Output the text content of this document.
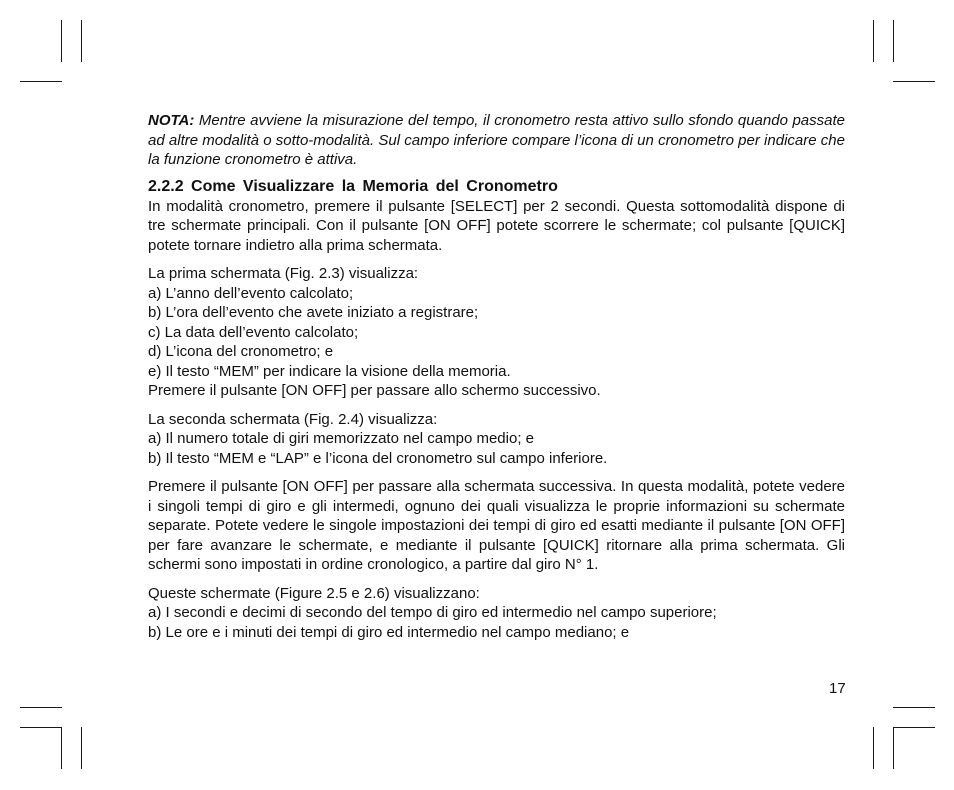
NOTA: Mentre avviene la misurazione del tempo, il cronometro resta attivo sullo sfondo quando passate ad altre modalità o sotto-modalità. Sul campo inferiore compare l’icona di un cronometro per indicare che la funzione cronometro è attiva.

2.2.2 Come Visualizzare la Memoria del Cronometro

In modalità cronometro, premere il pulsante [SELECT] per 2 secondi. Questa sottomodalità dispone di tre schermate principali. Con il pulsante [ON OFF] potete scorrere le schermate; col pulsante [QUICK] potete tornare indietro alla prima schermata.

La prima schermata (Fig. 2.3) visualizza:

a) L’anno dell’evento calcolato;
b) L’ora dell’evento che avete iniziato a registrare;
c) La data dell’evento calcolato;
d) L’icona del cronometro; e
e) Il testo “MEM” per indicare la visione della memoria.

Premere il pulsante [ON OFF] per passare allo schermo successivo.

La seconda schermata (Fig. 2.4) visualizza:

a) Il numero totale di giri memorizzato nel campo medio; e
b) Il testo “MEM e “LAP” e l’icona del cronometro sul campo inferiore.

Premere il pulsante [ON OFF] per passare alla schermata successiva. In questa modalità, potete vedere i singoli tempi di giro e gli intermedi, ognuno dei quali visualizza le proprie informazioni su schermate separate. Potete vedere le singole impostazioni dei tempi di giro ed esatti mediante il pulsante [ON OFF] per fare avanzare le schermate, e mediante il pulsante [QUICK] ritornare alla prima schermata. Gli schermi sono impostati in ordine cronologico, a partire dal giro N° 1.

Queste schermate (Figure 2.5 e 2.6) visualizzano:

a) I secondi e decimi di secondo del tempo di giro ed intermedio nel campo superiore;
b) Le ore e i minuti dei tempi di giro ed intermedio nel campo mediano; e
17
